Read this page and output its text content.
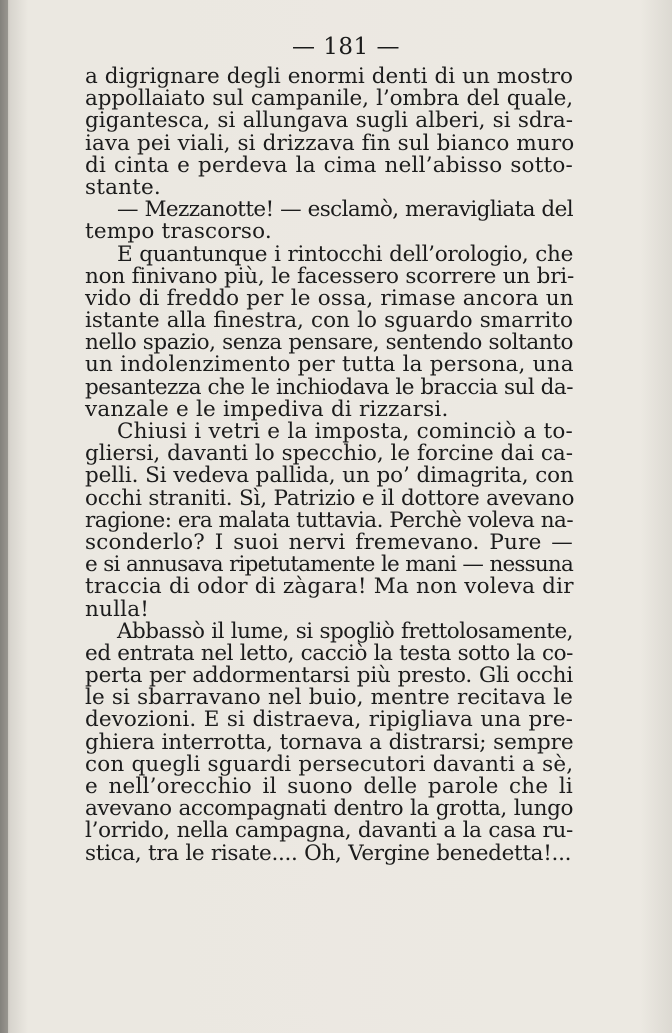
— 181 —
a digrignare degli enormi denti di un mostro
appollaiato sul campanile, l’ombra del quale,
gigantesca, si allungava sugli alberi, si sdra-
iava pei viali, si drizzava fin sul bianco muro
di cinta e perdeva la cima nell’abisso sotto-
stante.
— Mezzanotte! — esclamò, meravigliata del
tempo trascorso.
E quantunque i rintocchi dell’orologio, che
non finivano più, le facessero scorrere un bri-
vido di freddo per le ossa, rimase ancora un
istante alla finestra, con lo sguardo smarrito
nello spazio, senza pensare, sentendo soltanto
un indolenzimento per tutta la persona, una
pesantezza che le inchiodava le braccia sul da-
vanzale e le impediva di rizzarsi.
Chiusi i vetri e la imposta, cominciò a to-
gliersi, davanti lo specchio, le forcine dai ca-
pelli. Si vedeva pallida, un po’ dimagrita, con
occhi straniti. Sì, Patrizio e il dottore avevano
ragione: era malata tuttavia. Perchè voleva na-
sconderlo? I suoi nervi fremevano. Pure —
e si annusava ripetutamente le mani — nessuna
traccia di odor di zàgara! Ma non voleva dir
nulla!
Abbassò il lume, si spogliò frettolosamente,
ed entrata nel letto, cacciò la testa sotto la co-
perta per addormentarsi più presto. Gli occhi
le si sbarravano nel buio, mentre recitava le
devozioni. E si distraeva, ripigliava una pre-
ghiera interrotta, tornava a distrarsi; sempre
con quegli sguardi persecutori davanti a sè,
e nell’orecchio il suono delle parole che li
avevano accompagnati dentro la grotta, lungo
l’orrido, nella campagna, davanti a la casa ru-
stica, tra le risate.... Oh, Vergine benedetta!...
